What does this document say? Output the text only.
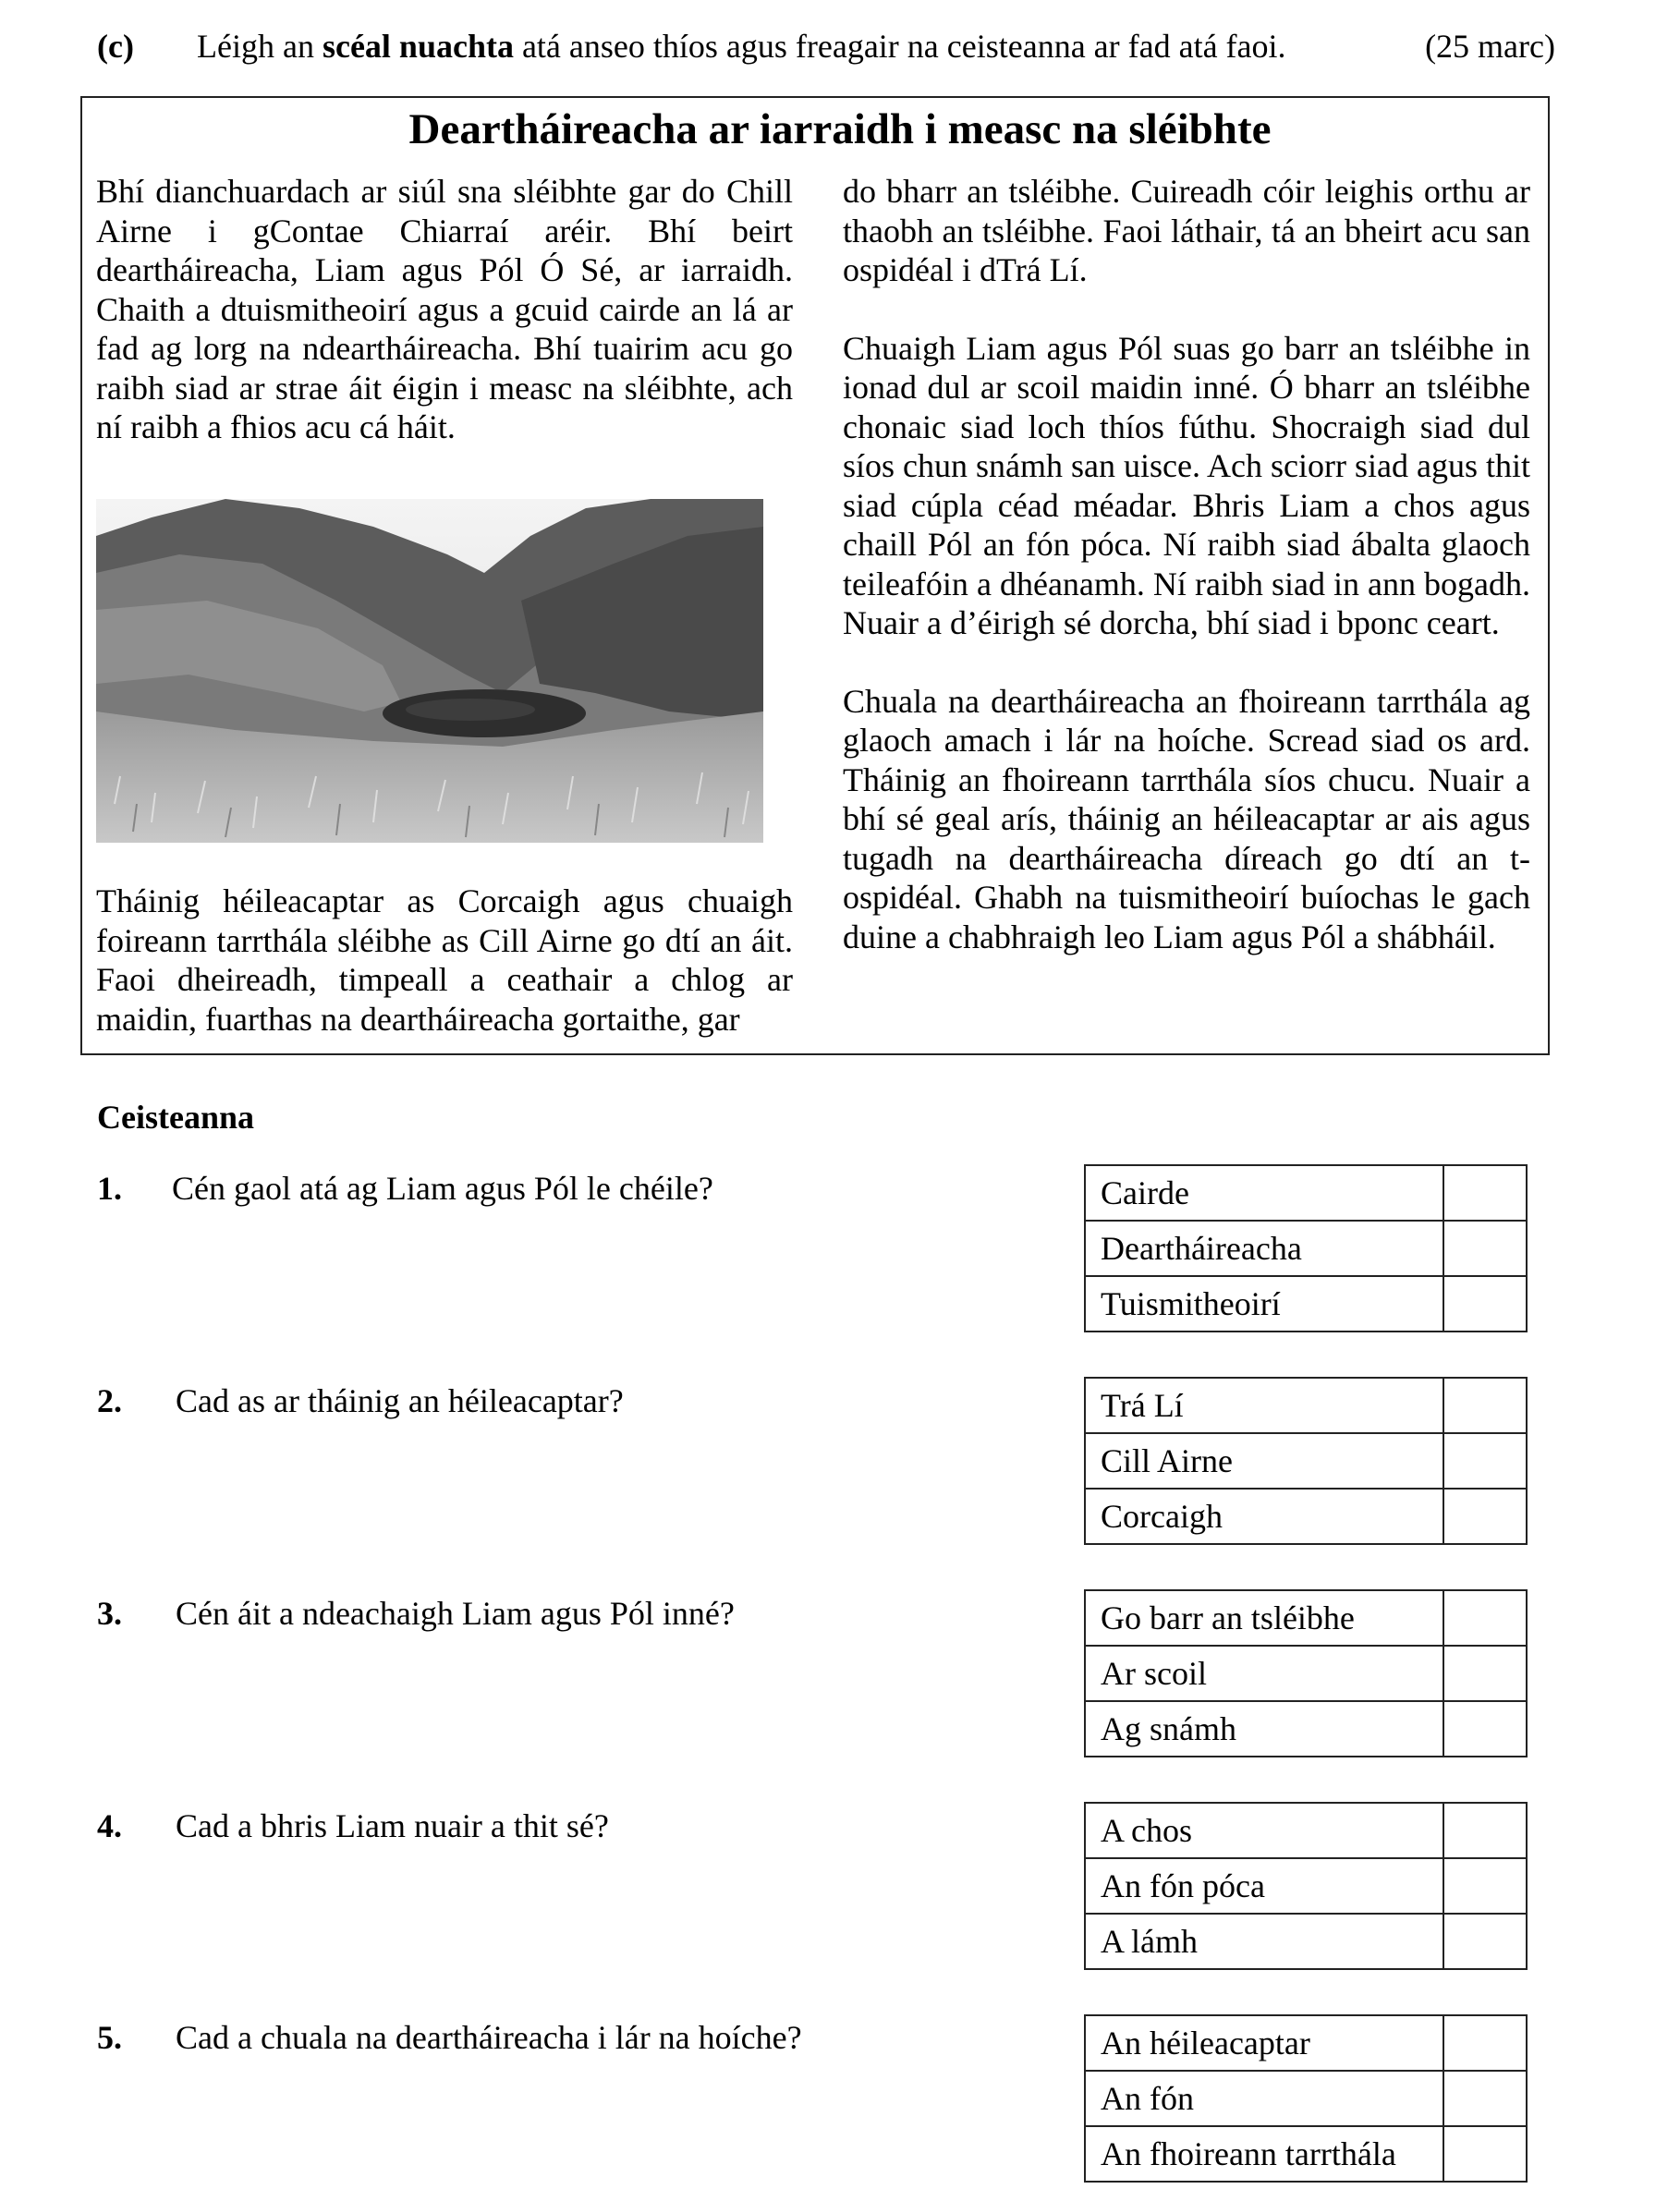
(c) Léigh an scéal nuachta atá anseo thíos agus freagair na ceisteanna ar fad atá faoi.	(25 marc)
Deartháireacha ar iarraidh i measc na sléibhte

Bhí dianchuardach ar siúl sna sléibhte gar do Chill Airne i gContae Chiarraí aréir. Bhí beirt deartháireacha, Liam agus Pól Ó Sé, ar iarraidh. Chaith a dtuismitheoirí agus a gcuid cairde an lá ar fad ag lorg na ndeartháireacha. Bhí tuairim acu go raibh siad ar strae áit éigin i measc na sléibhte, ach ní raibh a fhios acu cá háit.

Tháinig héileacaptar as Corcaigh agus chuaigh foireann tarrthála sléibhe as Cill Airne go dtí an áit. Faoi dheireadh, timpeall a ceathair a chlog ar maidin, fuarthas na deartháireacha gortaithe, gar

do bharr an tsléibhe. Cuireadh cóir leighis orthu ar thaobh an tsléibhe. Faoi láthair, tá an bheirt acu san ospidéal i dTrá Lí.

Chuaigh Liam agus Pól suas go barr an tsléibhe in ionad dul ar scoil maidin inné. Ó bharr an tsléibhe chonaic siad loch thíos fúthu. Shocraigh siad dul síos chun snámh san uisce. Ach sciorr siad agus thit siad cúpla céad méadar. Bhris Liam a chos agus chaill Pól an fón póca. Ní raibh siad ábalta glaoch teileafóin a dhéanamh. Ní raibh siad in ann bogadh. Nuair a d’éirigh sé dorcha, bhí siad i bponc ceart.

Chuala na deartháireacha an fhoireann tarrthála ag glaoch amach i lár na hoíche. Scread siad os ard. Tháinig an fhoireann tarrthála síos chucu. Nuair a bhí sé geal arís, tháinig an héileacaptar ar ais agus tugadh na deartháireacha díreach go dtí an t-ospidéal. Ghabh na tuismitheoirí buíochas le gach duine a chabhraigh leo Liam agus Pól a shábháil.

Ceisteanna
1. Cén gaol atá ag Liam agus Pól le chéile?	Cairde	
Deartháireacha	
Tuismitheoirí	
2. Cad as ar tháinig an héileacaptar?	Trá Lí	
Cill Airne	
Corcaigh	
3. Cén áit a ndeachaigh Liam agus Pól inné?	Go barr an tsléibhe	
Ar scoil	
Ag snámh	
4. Cad a bhris Liam nuair a thit sé?	A chos	
An fón póca	
A lámh	
5. Cad a chuala na deartháireacha i lár na hoíche?	An héileacaptar	
An fón	
An fhoireann tarrthála	
